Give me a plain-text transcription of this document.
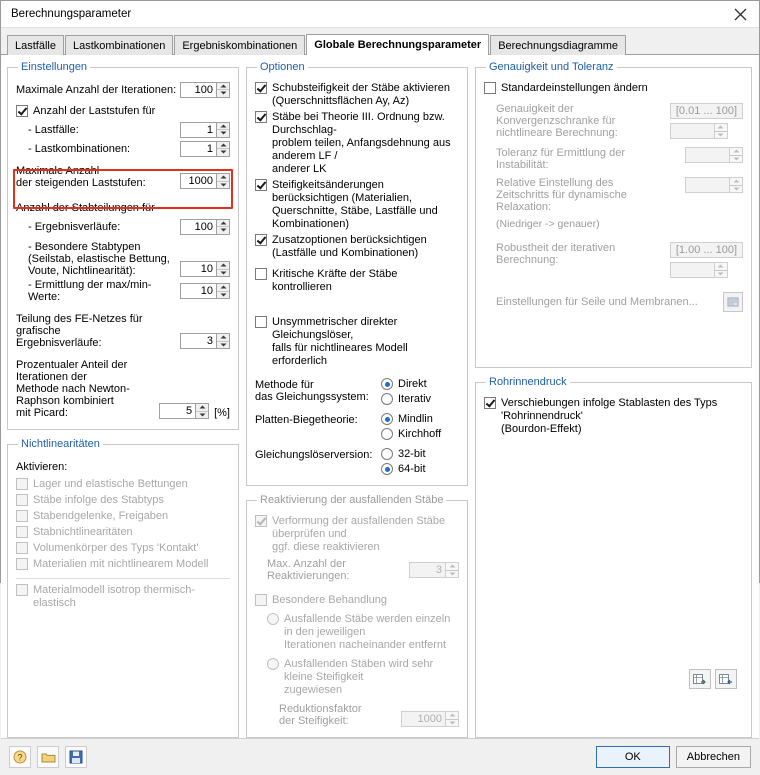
Berechnungsparameter
Lastfälle	Lastkombinationen	Ergebniskombinationen	Globale Berechnungsparameter	Berechnungsdiagramme
Einstellungen
Maximale Anzahl der Iterationen:
100
Anzahl der Laststufen für
- Lastfälle:
1
- Lastkombinationen:
1
Maximale Anzahl
der steigenden Laststufen:
1000
Anzahl der Stabteilungen für
- Ergebnisverläufe:
100
- Besondere Stabtypen
(Seilstab, elastische Bettung,
Voute, Nichtlinearität):
10
- Ermittlung der max/min-Werte:
10
Teilung des FE-Netzes für grafische
Ergebnisverläufe:
3
Prozentualer Anteil der Iterationen der
Methode nach Newton-Raphson kombiniert
mit Picard:
5	[%]
Nichtlinearitäten
Aktivieren:
Lager und elastische Bettungen
Stäbe infolge des Stabtyps
Stabendgelenke, Freigaben
Stabnichtlinearitäten
Volumenkörper des Typs 'Kontakt'
Materialien mit nichtlinearem Modell
Materialmodell isotrop thermisch-elastisch
Optionen
Schubsteifigkeit der Stäbe aktivieren
(Querschnittsflächen Ay, Az)
Stäbe bei Theorie III. Ordnung bzw. Durchschlag-
problem teilen, Anfangsdehnung aus anderem LF /
anderer LK
Steifigkeitsänderungen berücksichtigen (Materialien,
Querschnitte, Stäbe, Lastfälle und Kombinationen)
Zusatzoptionen berücksichtigen
(Lastfälle und Kombinationen)
Kritische Kräfte der Stäbe kontrollieren
Unsymmetrischer direkter Gleichungslöser,
falls für nichtlineares Modell erforderlich
Methode für
das Gleichungssystem:
Direkt
Iterativ
Platten-Biegetheorie:	Mindlin
Kirchhoff
Gleichungslöserversion:	32-bit
64-bit
Reaktivierung der ausfallenden Stäbe
Verformung der ausfallenden Stäbe überprüfen und
ggf. diese reaktivieren
Max. Anzahl der Reaktivierungen:
3
Besondere Behandlung
Ausfallende Stäbe werden einzeln in den jeweiligen
Iterationen nacheinander entfernt
Ausfallenden Stäben wird sehr kleine Steifigkeit
zugewiesen
Reduktionsfaktor
der Steifigkeit:
1000
Genauigkeit und Toleranz
Standardeinstellungen ändern
Genauigkeit der
Konvergenzschranke für
nichtlineare Berechnung:
[0.01 ... 100]
Toleranz für Ermittlung der
Instabilität:
Relative Einstellung des
Zeitschritts für dynamische
Relaxation:
(Niedriger -> genauer)
Robustheit der iterativen
Berechnung:
[1.00 ... 100]
Einstellungen für Seile und Membranen...
Rohrinnendruck
Verschiebungen infolge Stablasten des Typs 'Rohrinnendruck'
(Bourdon-Effekt)
?	OK	Abbrechen
